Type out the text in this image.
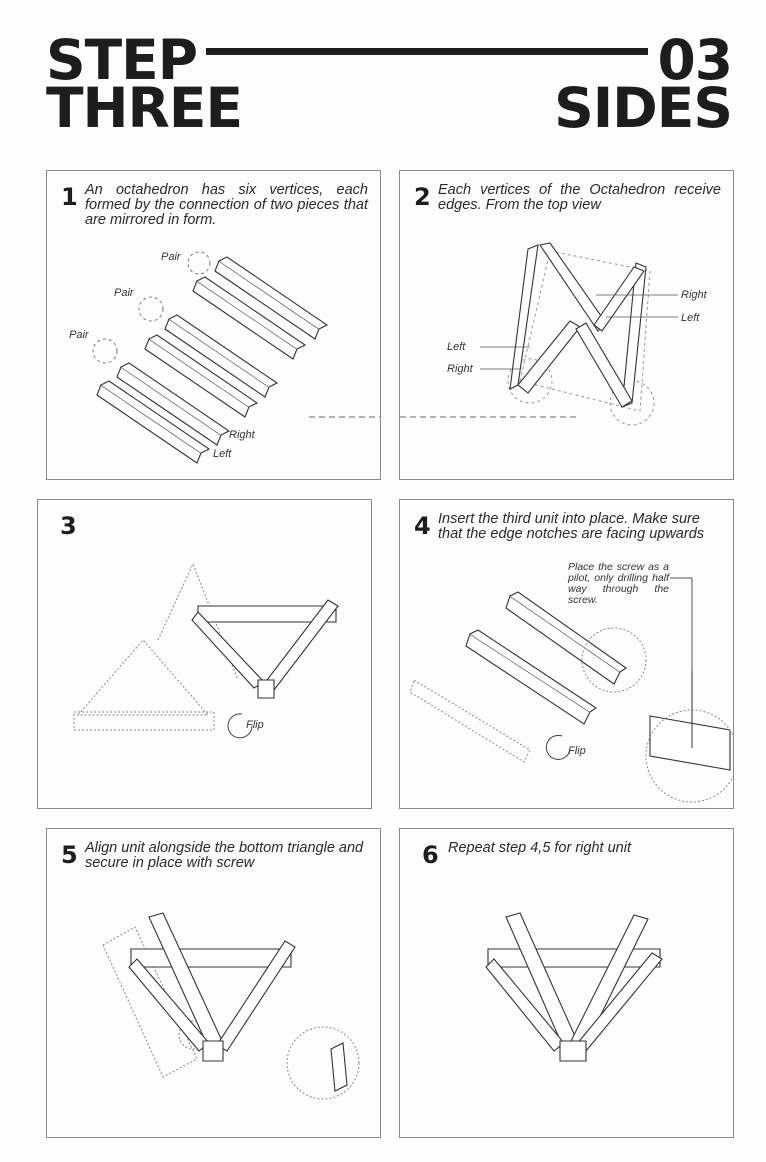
STEP
THREE
03
SIDES
1 An octahedron has six vertices, each formed by the connection of two pieces that are mirrored in form.
Pair
Pair
Pair
Right
Left
2 Each vertices of the Octahedron receive edges. From the top view
Right
Left
Left
Right
3
Flip
4 Insert the third unit into place. Make sure that the edge notches are facing upwards
Place the screw as a pilot, only drilling half way through the screw.
Flip
5 Align unit alongside the bottom triangle and secure in place with screw	6 Repeat step 4,5 for right unit
